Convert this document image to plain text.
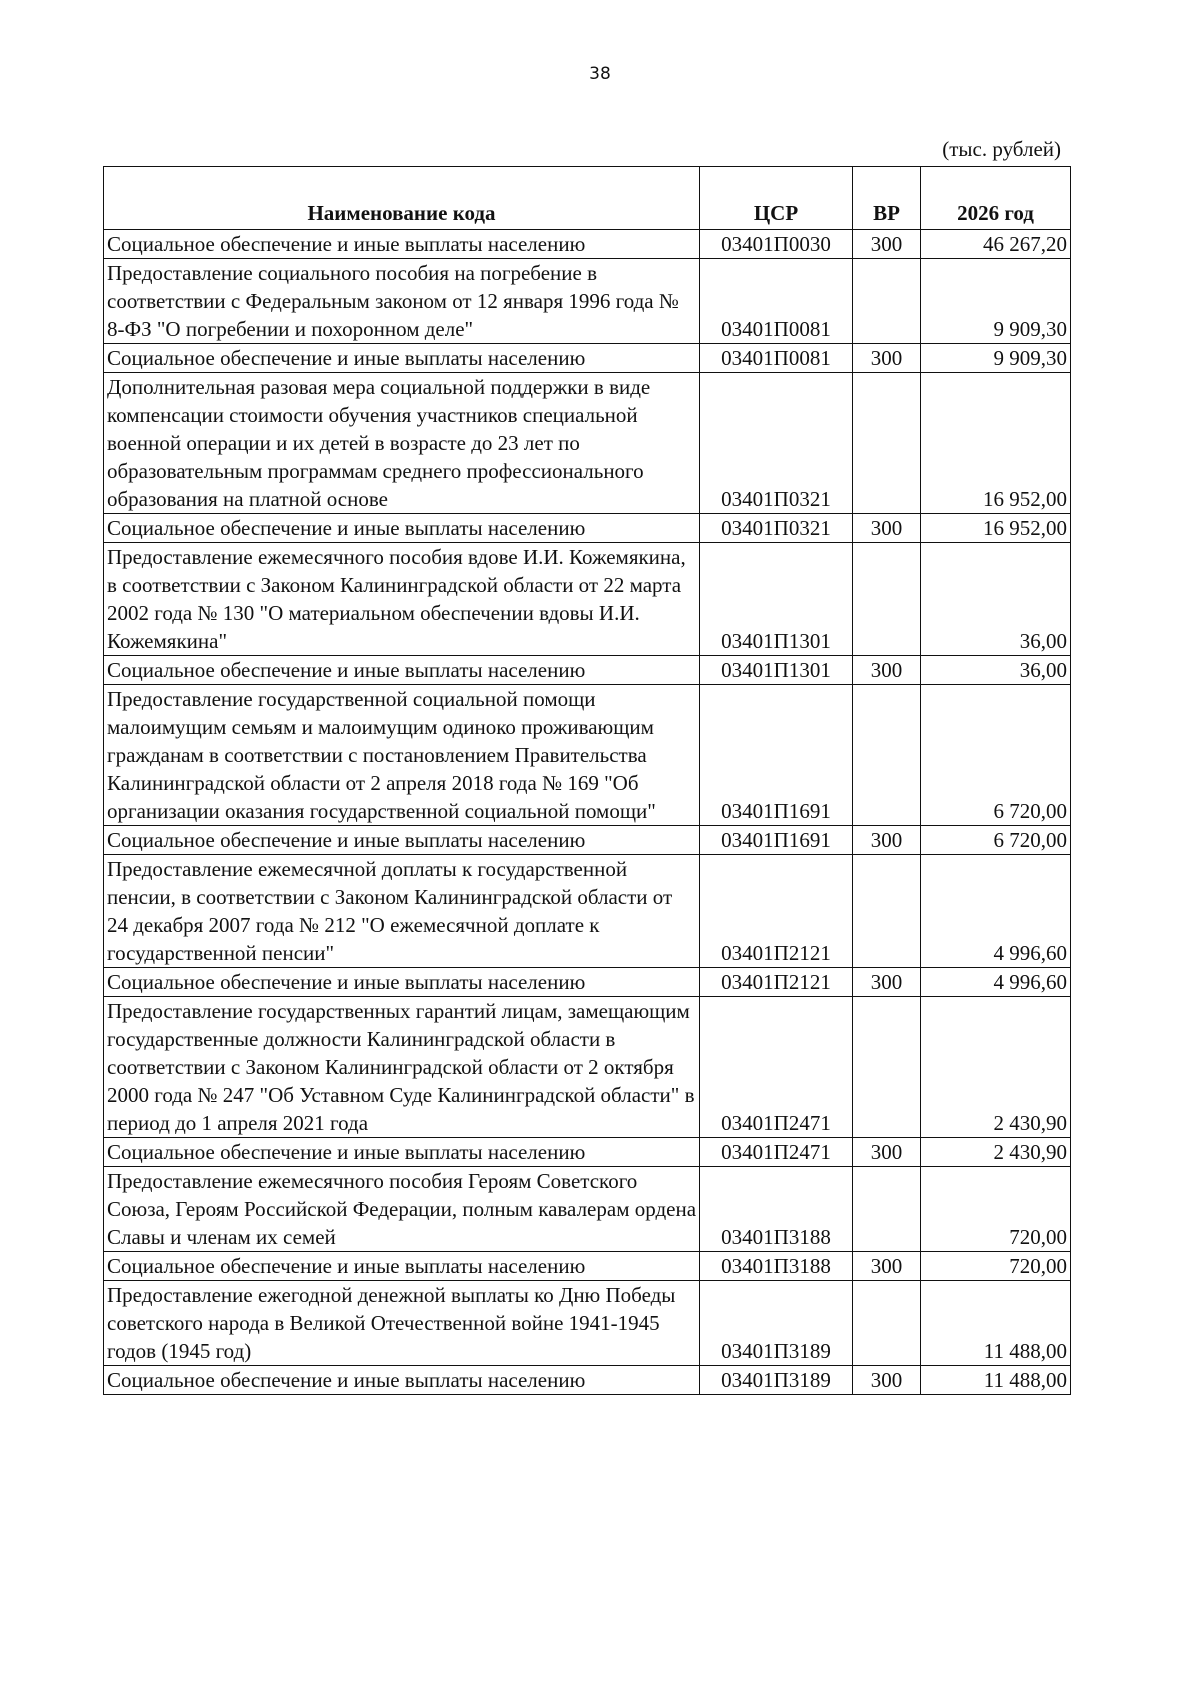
38
(тыс. рублей)
Наименование кода	ЦСР	ВР	2026 год
Социальное обеспечение и иные выплаты населению	03401П0030	300	46 267,20
Предоставление социального пособия на погребение в соответствии с Федеральным законом от 12 января 1996 года № 8-ФЗ "О погребении и похоронном деле"	03401П0081		9 909,30
Социальное обеспечение и иные выплаты населению	03401П0081	300	9 909,30
Дополнительная разовая мера социальной поддержки в виде компенсации стоимости обучения участников специальной военной операции и их детей в возрасте до 23 лет по образовательным программам среднего профессионального образования на платной основе	03401П0321		16 952,00
Социальное обеспечение и иные выплаты населению	03401П0321	300	16 952,00
Предоставление ежемесячного пособия вдове И.И. Кожемякина, в соответствии с Законом Калининградской области от 22 марта 2002 года № 130 "О материальном обеспечении вдовы И.И. Кожемякина"	03401П1301		36,00
Социальное обеспечение и иные выплаты населению	03401П1301	300	36,00
Предоставление государственной социальной помощи малоимущим семьям и малоимущим одиноко проживающим гражданам в соответствии с постановлением Правительства Калининградской области от 2 апреля 2018 года № 169 "Об организации оказания государственной социальной помощи"	03401П1691		6 720,00
Социальное обеспечение и иные выплаты населению	03401П1691	300	6 720,00
Предоставление ежемесячной доплаты к государственной пенсии, в соответствии с Законом Калининградской области от 24 декабря 2007 года № 212 "О ежемесячной доплате к государственной пенсии"	03401П2121		4 996,60
Социальное обеспечение и иные выплаты населению	03401П2121	300	4 996,60
Предоставление государственных гарантий лицам, замещающим государственные должности Калининградской области в соответствии с Законом Калининградской области от 2 октября 2000 года № 247 "Об Уставном Суде Калининградской области" в период до 1 апреля 2021 года	03401П2471		2 430,90
Социальное обеспечение и иные выплаты населению	03401П2471	300	2 430,90
Предоставление ежемесячного пособия Героям Советского Союза, Героям Российской Федерации, полным кавалерам ордена Славы и членам их семей	03401П3188		720,00
Социальное обеспечение и иные выплаты населению	03401П3188	300	720,00
Предоставление ежегодной денежной выплаты ко Дню Победы советского народа в Великой Отечественной войне 1941-1945 годов (1945 год)	03401П3189		11 488,00
Социальное обеспечение и иные выплаты населению	03401П3189	300	11 488,00
